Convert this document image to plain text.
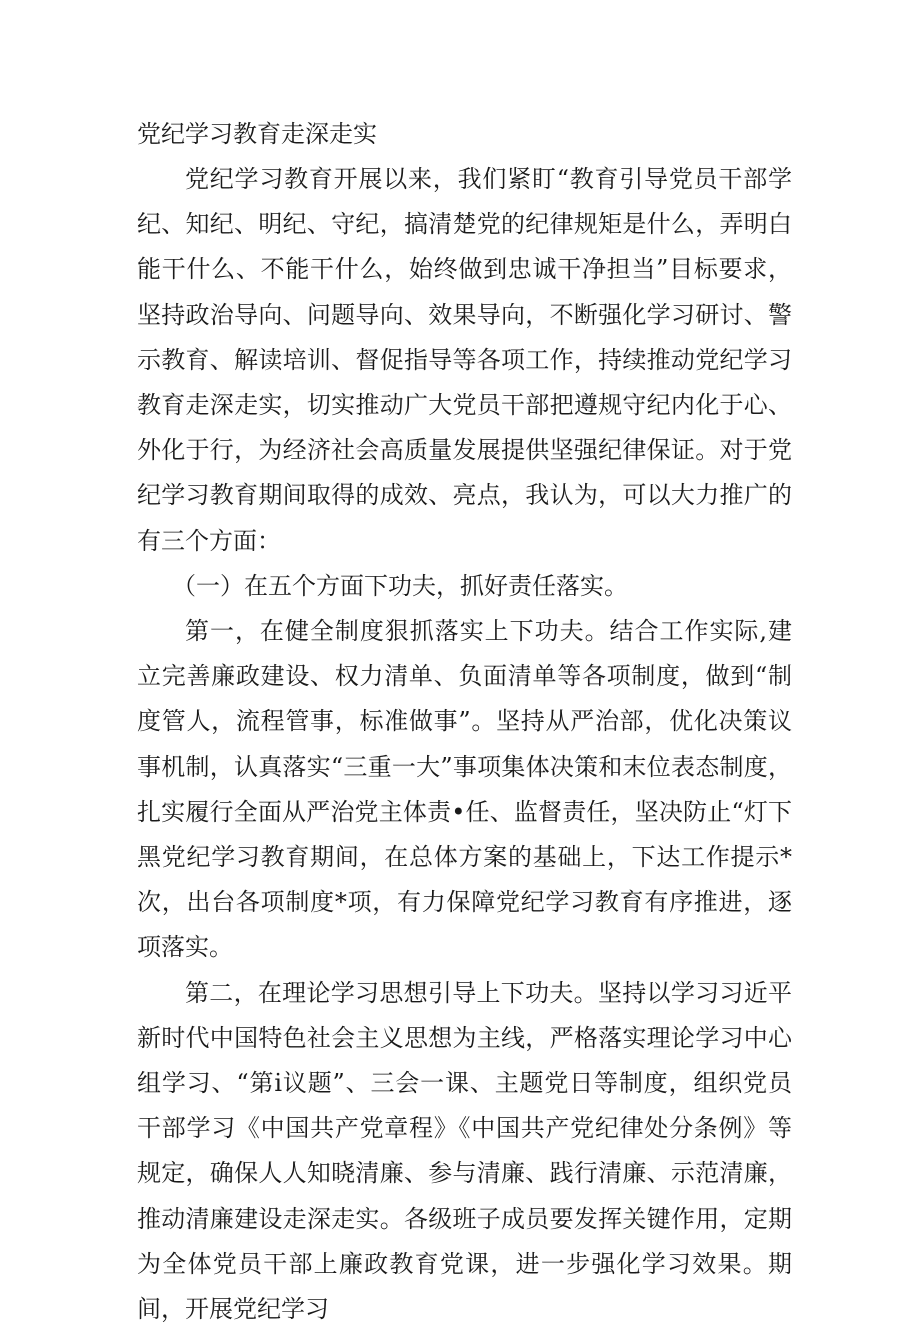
党纪学习教育走深走实

党纪学习教育开展以来，我们紧盯“教育引导党员干部学纪、知纪、明纪、守纪，搞清楚党的纪律规矩是什么，弄明白能干什么、不能干什么，始终做到忠诚干净担当”目标要求，坚持政治导向、问题导向、效果导向，不断强化学习研讨、警示教育、解读培训、督促指导等各项工作，持续推动党纪学习教育走深走实，切实推动广大党员干部把遵规守纪内化于心、外化于行，为经济社会高质量发展提供坚强纪律保证。对于党纪学习教育期间取得的成效、亮点，我认为，可以大力推广的有三个方面：

（一）在五个方面下功夫，抓好责任落实。

第一，在健全制度狠抓落实上下功夫。结合工作实际,建立完善廉政建设、权力清单、负面清单等各项制度，做到“制度管人，流程管事，标准做事”。坚持从严治部，优化决策议事机制，认真落实“三重一大”事项集体决策和末位表态制度，扎实履行全面从严治党主体责•任、监督责任，坚决防止“灯下黑党纪学习教育期间，在总体方案的基础上，下达工作提示*次，出台各项制度*项，有力保障党纪学习教育有序推进，逐项落实。

第二，在理论学习思想引导上下功夫。坚持以学习习近平新时代中国特色社会主义思想为主线，严格落实理论学习中心组学习、“第i议题”、三会一课、主题党日等制度，组织党员干部学习《中国共产党章程》《中国共产党纪律处分条例》等规定，确保人人知晓清廉、参与清廉、践行清廉、示范清廉，推动清廉建设走深走实。各级班子成员要发挥关键作用，定期为全体党员干部上廉政教育党课，进一步强化学习效果。期间，开展党纪学习
